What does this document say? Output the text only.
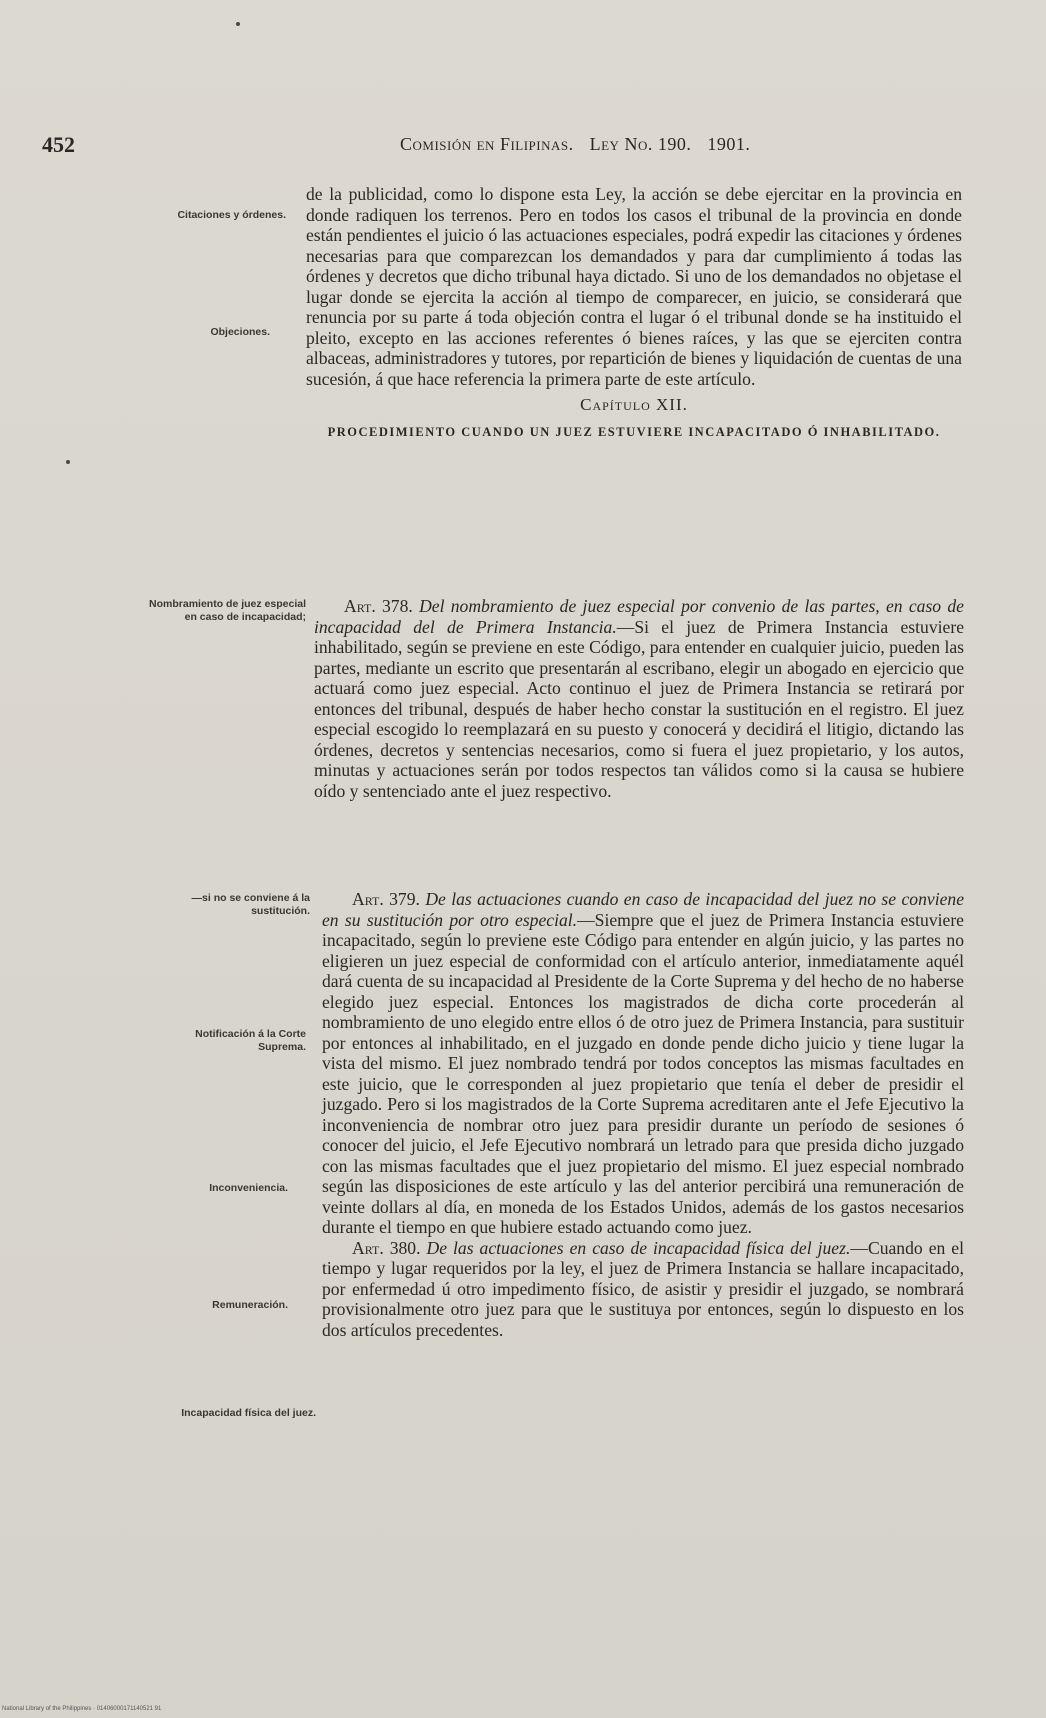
452	Comisión en Filipinas. Ley No. 190. 1901.
Citaciones y órdenes.
Objeciones.
Nombramiento de juez especial en caso de incapacidad;
—si no se conviene á la sustitución.
Notificación á la Corte Suprema.
Inconveniencia.
Remuneración.
Incapacidad física del juez.

de la publicidad, como lo dispone esta Ley, la acción se debe ejercitar en la provincia en donde radiquen los terrenos. Pero en todos los casos el tribunal de la provincia en donde están pendientes el juicio ó las actuaciones especiales, podrá expedir las citaciones y órdenes necesarias para que comparezcan los demandados y para dar cumplimiento á todas las órdenes y decretos que dicho tribunal haya dictado. Si uno de los demandados no objetase el lugar donde se ejercita la acción al tiempo de comparecer, en juicio, se considerará que renuncia por su parte á toda objeción contra el lugar ó el tribunal donde se ha instituido el pleito, excepto en las acciones referentes ó bienes raíces, y las que se ejerciten contra albaceas, administradores y tutores, por repartición de bienes y liquidación de cuentas de una sucesión, á que hace referencia la primera parte de este artículo.

Capítulo XII.
PROCEDIMIENTO CUANDO UN JUEZ ESTUVIERE INCAPACITADO Ó INHABILITADO.

Art. 378. Del nombramiento de juez especial por convenio de las partes, en caso de incapacidad del de Primera Instancia.—Si el juez de Primera Instancia estuviere inhabilitado, según se previene en este Código, para entender en cualquier juicio, pueden las partes, mediante un escrito que presentarán al escribano, elegir un abogado en ejercicio que actuará como juez especial. Acto continuo el juez de Primera Instancia se retirará por entonces del tribunal, después de haber hecho constar la sustitución en el registro. El juez especial escogido lo reemplazará en su puesto y conocerá y decidirá el litigio, dictando las órdenes, decretos y sentencias necesarios, como si fuera el juez propietario, y los autos, minutas y actuaciones serán por todos respectos tan válidos como si la causa se hubiere oído y sentenciado ante el juez respectivo.

Art. 379. De las actuaciones cuando en caso de incapacidad del juez no se conviene en su sustitución por otro especial.—Siempre que el juez de Primera Instancia estuviere incapacitado, según lo previene este Código para entender en algún juicio, y las partes no eligieren un juez especial de conformidad con el artículo anterior, inmediatamente aquél dará cuenta de su incapacidad al Presidente de la Corte Suprema y del hecho de no haberse elegido juez especial. Entonces los magistrados de dicha corte procederán al nombramiento de uno elegido entre ellos ó de otro juez de Primera Instancia, para sustituir por entonces al inhabilitado, en el juzgado en donde pende dicho juicio y tiene lugar la vista del mismo. El juez nombrado tendrá por todos conceptos las mismas facultades en este juicio, que le corresponden al juez propietario que tenía el deber de presidir el juzgado. Pero si los magistrados de la Corte Suprema acreditaren ante el Jefe Ejecutivo la inconveniencia de nombrar otro juez para presidir durante un período de sesiones ó conocer del juicio, el Jefe Ejecutivo nombrará un letrado para que presida dicho juzgado con las mismas facultades que el juez propietario del mismo. El juez especial nombrado según las disposiciones de este artículo y las del anterior percibirá una remuneración de veinte dollars al día, en moneda de los Estados Unidos, además de los gastos necesarios durante el tiempo en que hubiere estado actuando como juez.

Art. 380. De las actuaciones en caso de incapacidad física del juez.—Cuando en el tiempo y lugar requeridos por la ley, el juez de Primera Instancia se hallare incapacitado, por enfermedad ú otro impedimento físico, de asistir y presidir el juzgado, se nombrará provisionalmente otro juez para que le sustituya por entonces, según lo dispuesto en los dos artículos precedentes.

National Library of the Philippines · 01406000171140521 91
